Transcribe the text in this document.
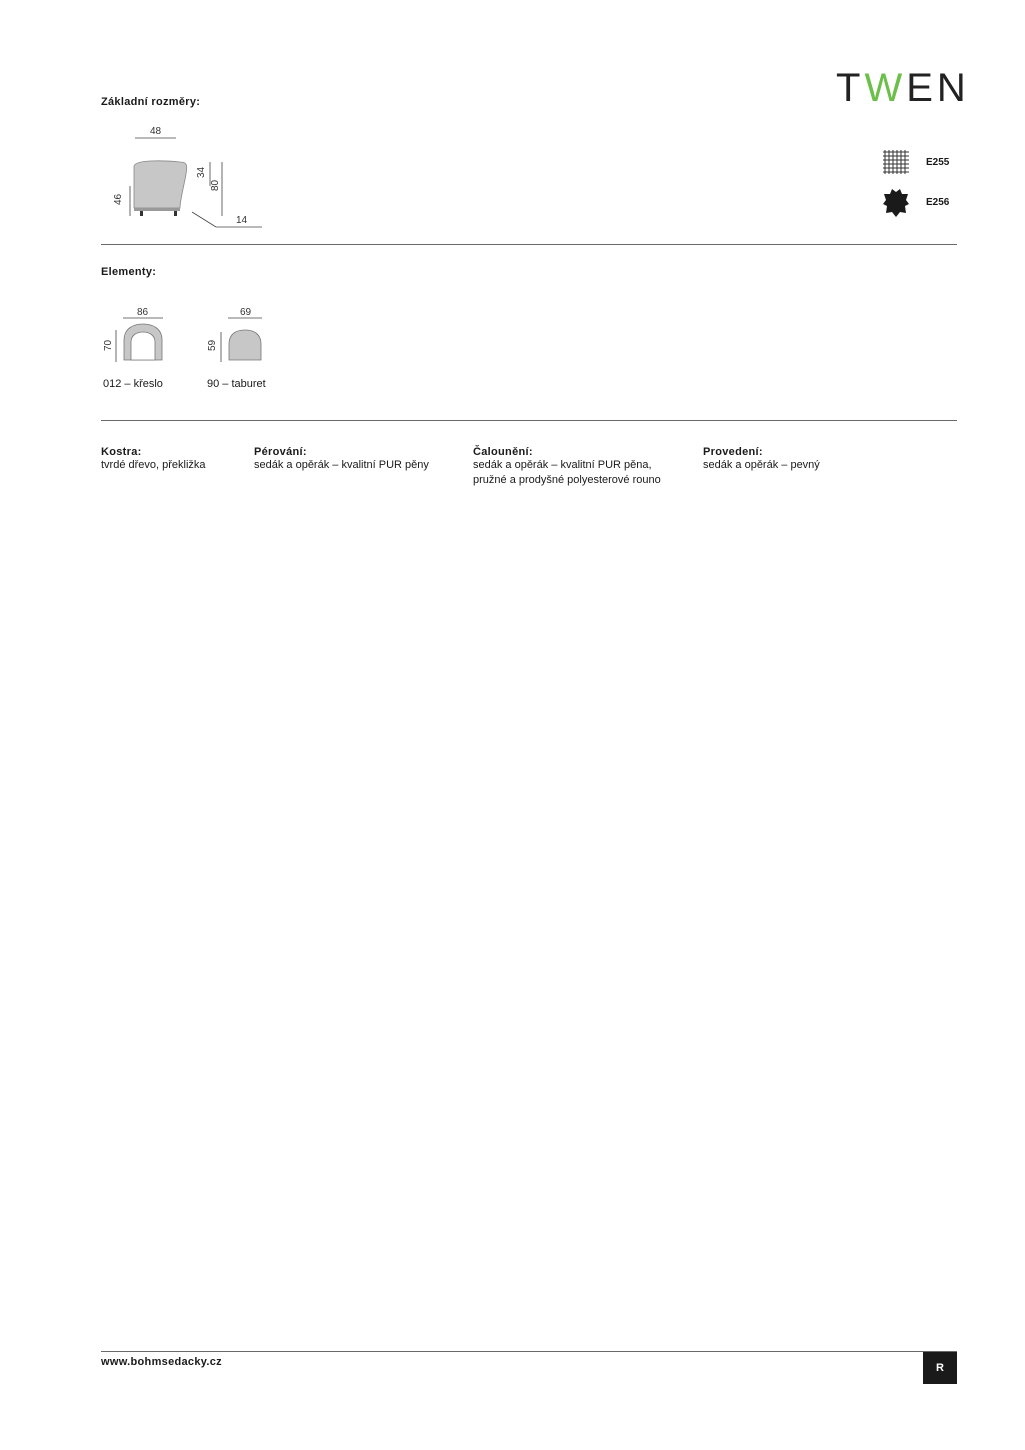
TWEN
Základní rozměry:
48
46
34
80
14
E255
E256
Elementy:
86
70
012 – křeslo
69
59
90 – taburet
Kostra:
tvrdé dřevo, překližka
Pérování:
sedák a opěrák – kvalitní PUR pěny
Čalounění:
sedák a opěrák – kvalitní PUR pěna,
pružné a prodyšné polyesterové rouno
Provedení:
sedák a opěrák – pevný
www.bohmsedacky.cz	R
